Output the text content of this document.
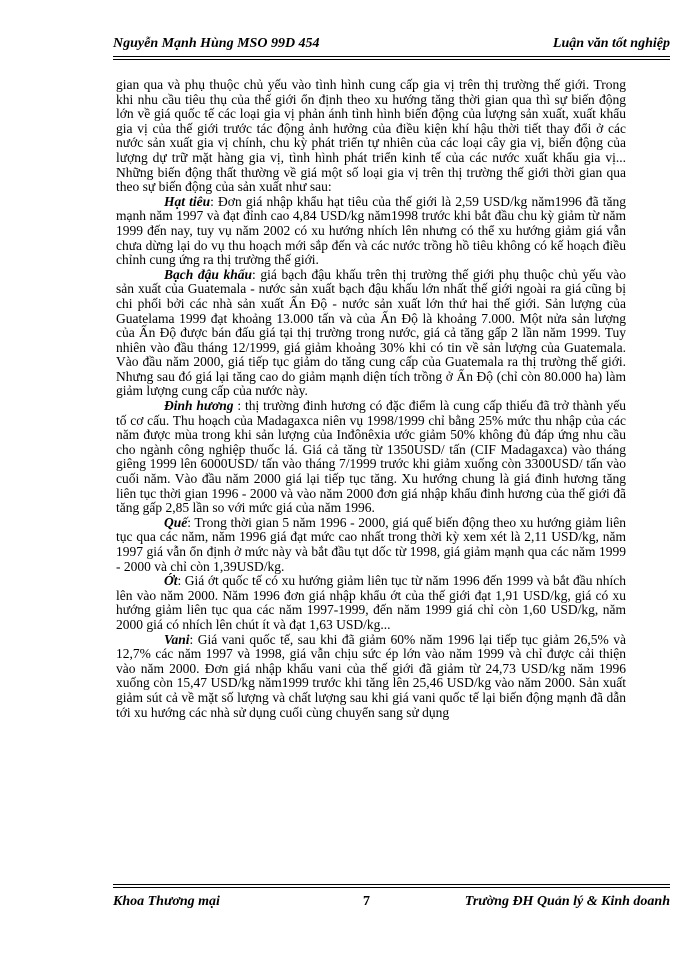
Nguyễn Mạnh Hùng MSO 99D 454	Luận văn tốt nghiệp

gian qua và phụ thuộc chủ yếu vào tình hình cung cấp gia vị trên thị trường thế giới. Trong khi nhu cầu tiêu thụ của thế giới ổn định theo xu hướng tăng thời gian qua thì sự biến động lớn về giá quốc tế các loại gia vị phản ánh tình hình biến động của lượng sản xuất, xuất khẩu gia vị của thế giới trước tác động ảnh hưởng của điều kiện khí hậu thời tiết thay đổi ở các nước sản xuất gia vị chính, chu kỳ phát triển tự nhiên của các loại cây gia vị, biến động của lượng dự trữ mặt hàng gia vị, tình hình phát triển kinh tế của các nước xuất khẩu gia vị... Những biến động thất thường về giá một số loại gia vị trên thị trường thế giới thời gian qua theo sự biến động của sản xuất như sau:

Hạt tiêu: Đơn giá nhập khẩu hạt tiêu của thế giới là 2,59 USD/kg năm1996 đã tăng mạnh năm 1997 và đạt đỉnh cao 4,84 USD/kg năm1998 trước khi bắt đầu chu kỳ giảm từ năm 1999 đến nay, tuy vụ năm 2002 có xu hướng nhích lên nhưng có thể xu hướng giảm giá vẫn chưa dừng lại do vụ thu hoạch mới sắp đến và các nước trồng hồ tiêu không có kế hoạch điều chỉnh cung ứng ra thị trường thế giới.

Bạch đậu khấu: giá bạch đậu khấu trên thị trường thế giới phụ thuộc chủ yếu vào sản xuất của Guatemala - nước sản xuất bạch đậu khấu lớn nhất thế giới ngoài ra giá cũng bị chi phối bởi các nhà sản xuất Ấn Độ - nước sản xuất lớn thứ hai thế giới. Sản lượng của Guatelama 1999 đạt khoảng 13.000 tấn và của Ấn Độ là khoảng 7.000. Một nửa sản lượng của Ấn Độ được bán đấu giá tại thị trường trong nước, giá cả tăng gấp 2 lần năm 1999. Tuy nhiên vào đầu tháng 12/1999, giá giảm khoảng 30% khi có tin về sản lượng của Guatemala. Vào đầu năm 2000, giá tiếp tục giảm do tăng cung cấp của Guatemala ra thị trường thế giới. Nhưng sau đó giá lại tăng cao do giảm mạnh diện tích trồng ở Ấn Độ (chỉ còn 80.000 ha) làm giảm lượng cung cấp của nước này.

Đinh hương : thị trường đinh hương có đặc điểm là cung cấp thiếu đã trở thành yếu tố cơ cấu. Thu hoạch của Madagaxca niên vụ 1998/1999 chỉ bằng 25% mức thu nhập của các năm được mùa trong khi sản lượng của Inđônêxia ước giảm 50% không đủ đáp ứng nhu cầu cho ngành công nghiệp thuốc lá. Giá cả tăng từ 1350USD/ tấn (CIF Madagaxca) vào tháng giêng 1999 lên 6000USD/ tấn vào tháng 7/1999 trước khi giảm xuống còn 3300USD/ tấn vào cuối năm. Vào đầu năm 2000 giá lại tiếp tục tăng. Xu hướng chung là giá đinh hương tăng liên tục thời gian 1996 - 2000 và vào năm 2000 đơn giá nhập khẩu đinh hương của thế giới đã tăng gấp 2,85 lần so với mức giá của năm 1996.

Quế: Trong thời gian 5 năm 1996 - 2000, giá quế biến động theo xu hướng giảm liên tục qua các năm, năm 1996 giá đạt mức cao nhất trong thời kỳ xem xét là 2,11 USD/kg, năm 1997 giá vẫn ổn định ở mức này và bắt đầu tụt dốc từ 1998, giá giảm mạnh qua các năm 1999 - 2000 và chỉ còn 1,39USD/kg.

Ớt: Giá ớt quốc tế có xu hướng giảm liên tục từ năm 1996 đến 1999 và bắt đầu nhích lên vào năm 2000. Năm 1996 đơn giá nhập khẩu ớt của thế giới đạt 1,91 USD/kg, giá có xu hướng giảm liên tục qua các năm 1997-1999, đến năm 1999 giá chỉ còn 1,60 USD/kg, năm 2000 giá có nhích lên chút ít và đạt 1,63 USD/kg...

Vani: Giá vani quốc tế, sau khi đã giảm 60% năm 1996 lại tiếp tục giảm 26,5% và 12,7% các năm 1997 và 1998, giá vẫn chịu sức ép lớn vào năm 1999 và chỉ được cải thiện vào năm 2000. Đơn giá nhập khẩu vani của thế giới đã giảm từ 24,73 USD/kg năm 1996 xuống còn 15,47 USD/kg năm1999 trước khi tăng lên 25,46 USD/kg vào năm 2000. Sản xuất giảm sút cả về mặt số lượng và chất lượng sau khi giá vani quốc tế lại biến động mạnh đã dẫn tới xu hướng các nhà sử dụng cuối cùng chuyển sang sử dụng

Khoa Thương mại	7	Trường ĐH Quản lý & Kinh doanh
